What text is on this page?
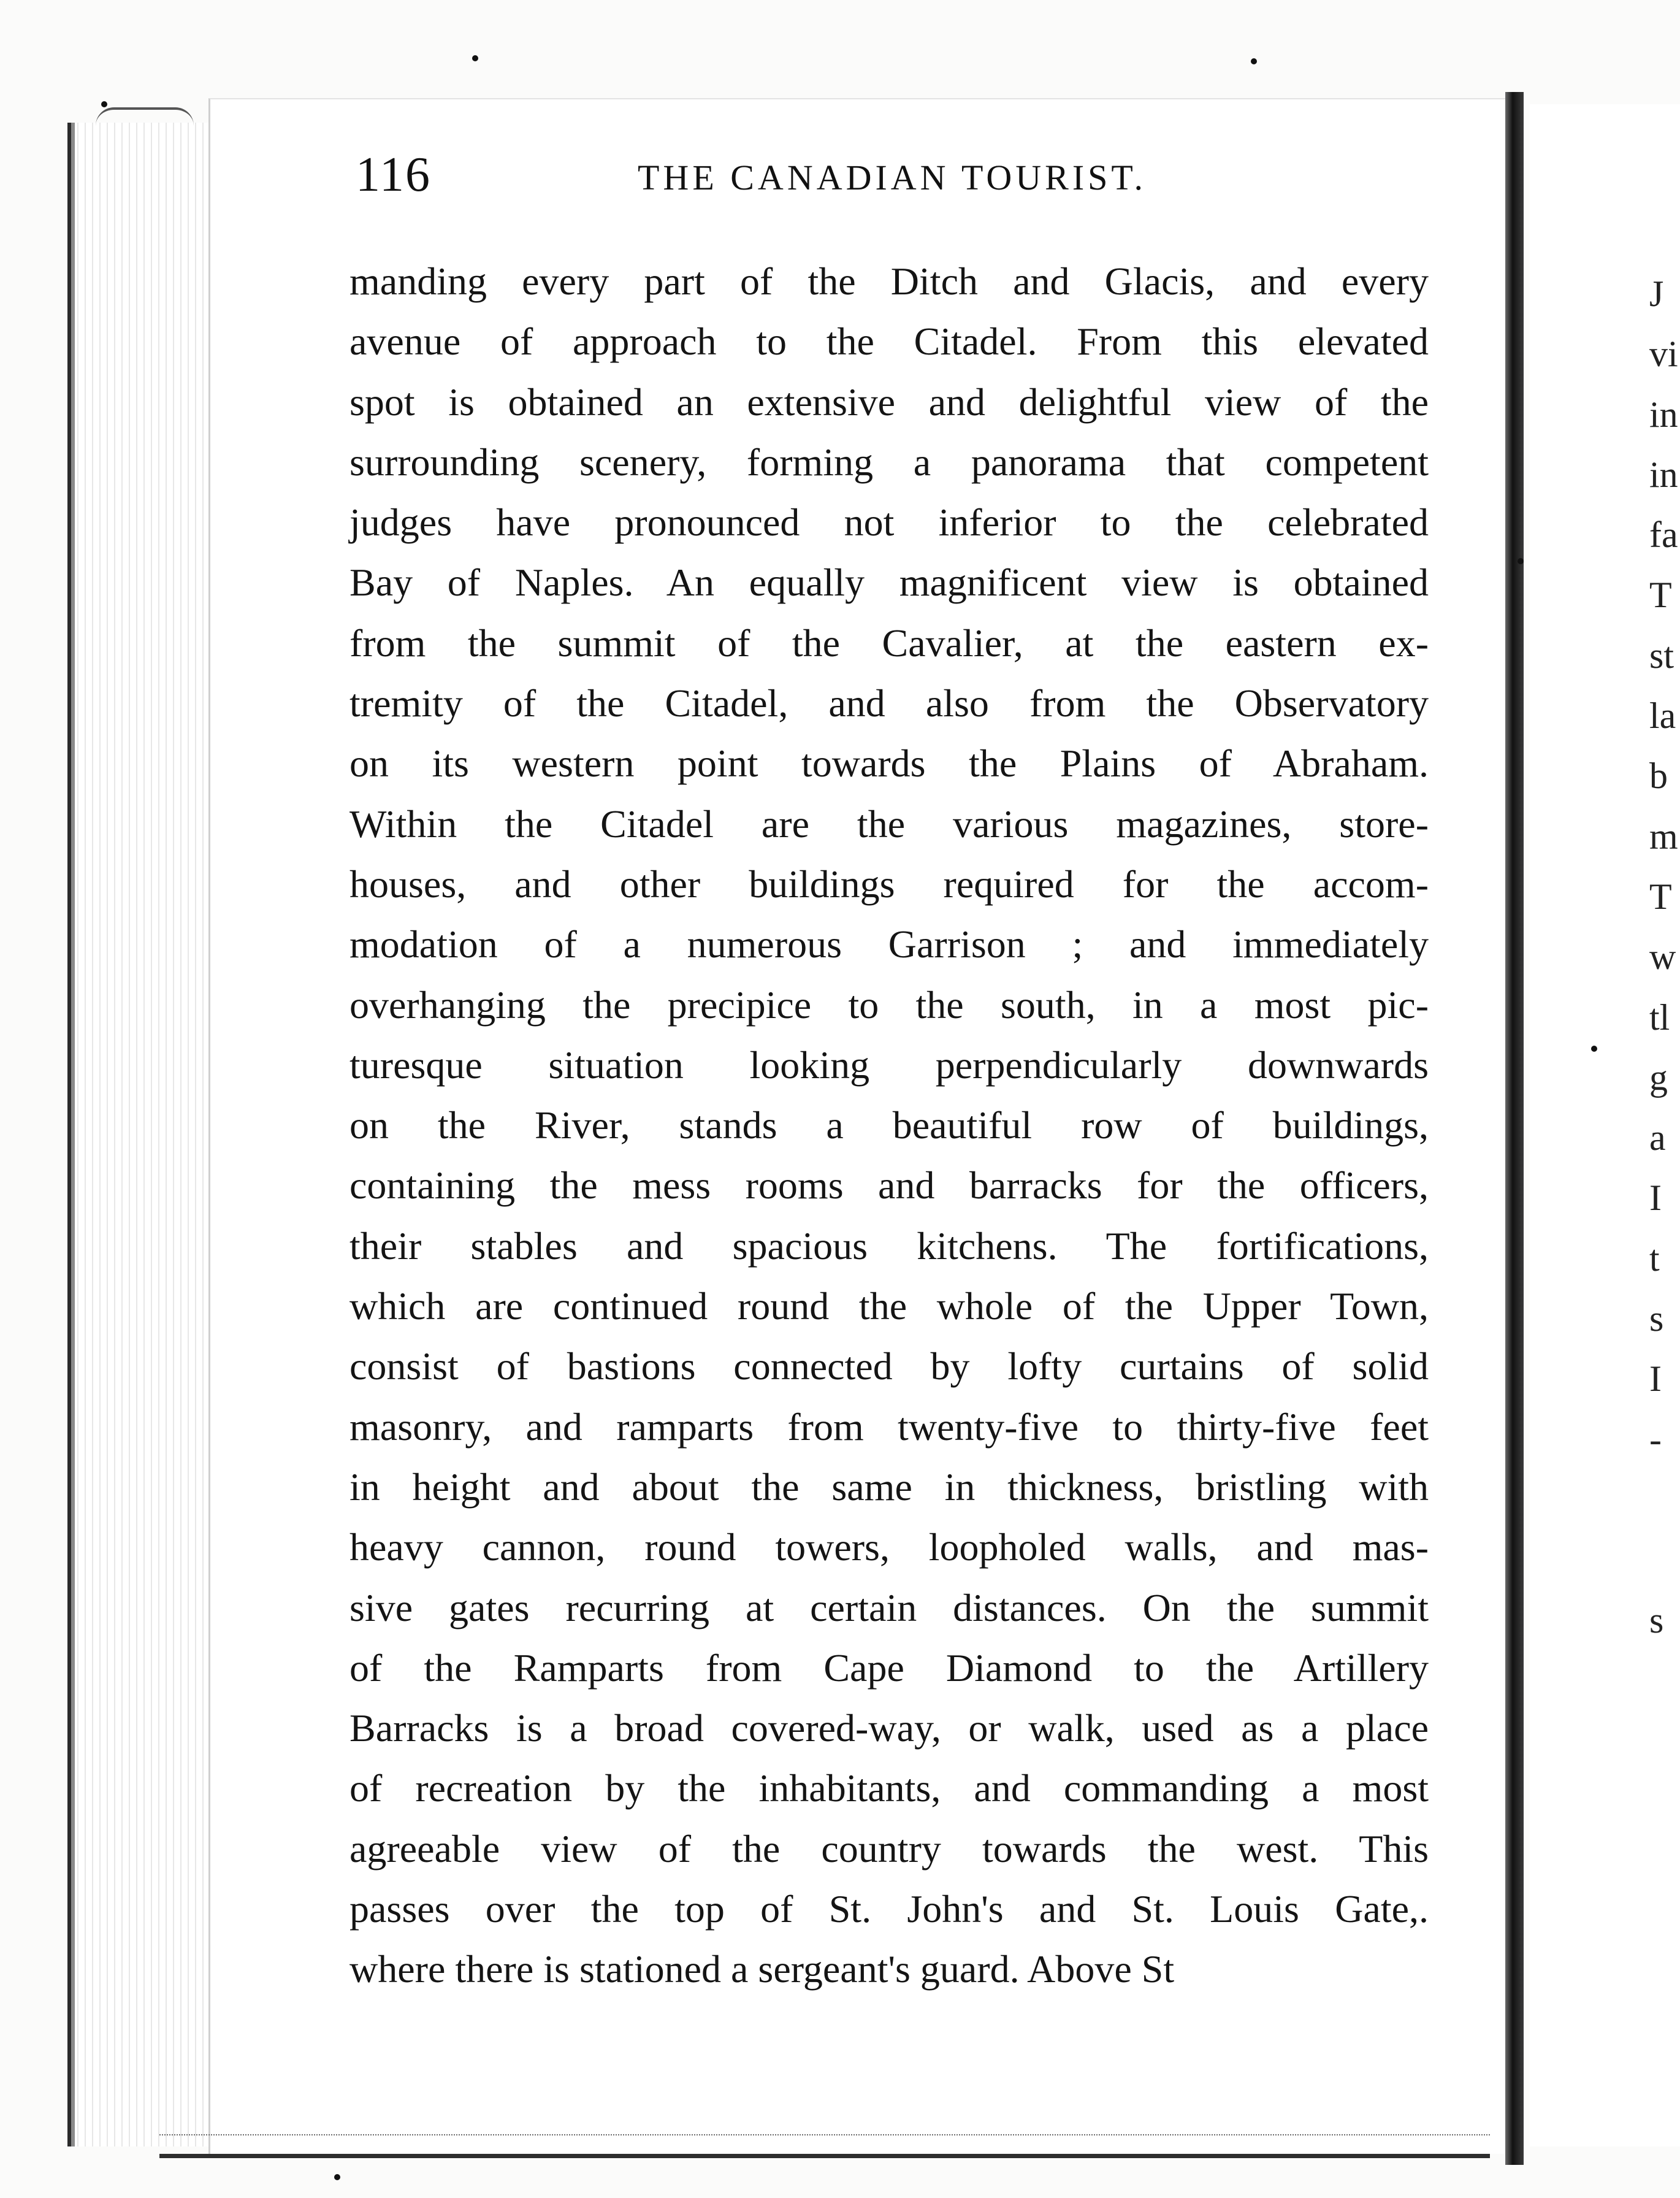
116	THE CANADIAN TOURIST.
manding every part of the Ditch and Glacis, and every
avenue of approach to the Citadel. From this elevated
spot is obtained an extensive and delightful view of the
surrounding scenery, forming a panorama that competent
judges have pronounced not inferior to the celebrated
Bay of Naples. An equally magnificent view is obtained
from the summit of the Cavalier, at the eastern ex-
tremity of the Citadel, and also from the Observatory
on its western point towards the Plains of Abraham.
Within the Citadel are the various magazines, store-
houses, and other buildings required for the accom-
modation of a numerous Garrison ; and immediately
overhanging the precipice to the south, in a most pic-
turesque situation looking perpendicularly downwards
on the River, stands a beautiful row of buildings,
containing the mess rooms and barracks for the officers,
their stables and spacious kitchens. The fortifications,
which are continued round the whole of the Upper Town,
consist of bastions connected by lofty curtains of solid
masonry, and ramparts from twenty-five to thirty-five feet
in height and about the same in thickness, bristling with
heavy cannon, round towers, loopholed walls, and mas-
sive gates recurring at certain distances. On the summit
of the Ramparts from Cape Diamond to the Artillery
Barracks is a broad covered-way, or walk, used as a place
of recreation by the inhabitants, and commanding a most
agreeable view of the country towards the west. This
passes over the top of St. John's and St. Louis Gate,.
where there is stationed a sergeant's guard. Above St
J
vi
in
in
fa
T
st
la
b
m
T
w
tl
g
a
I
t
s
I
-
s
